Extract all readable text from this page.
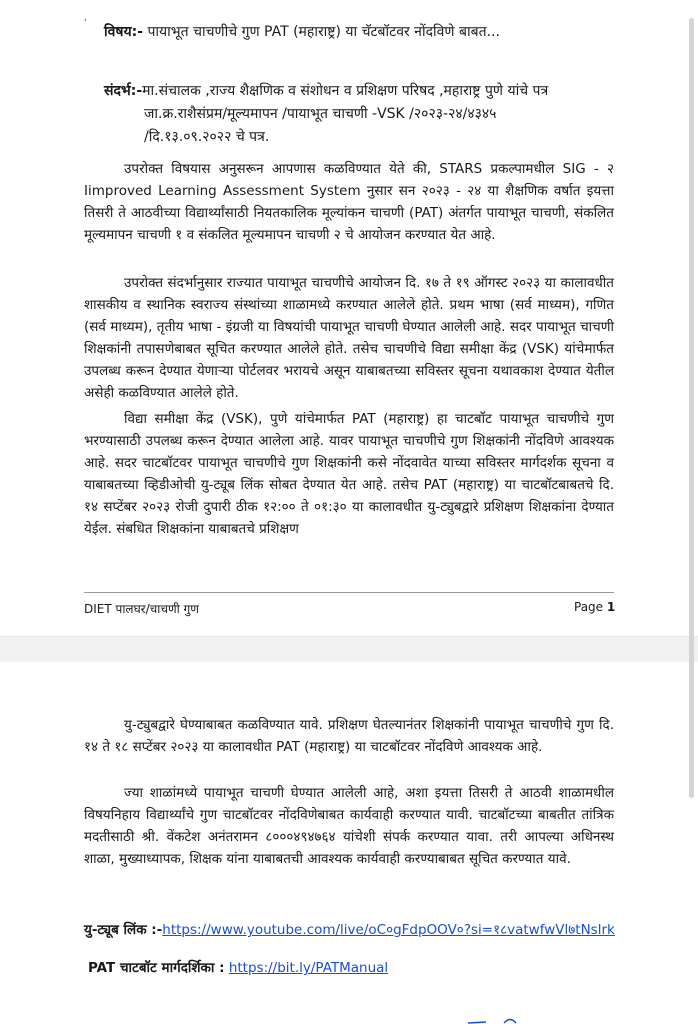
,
विषय:- पायाभूत चाचणीचे गुण PAT (महाराष्ट्र) या चॅटबॉटवर नोंदविणे बाबत...
संदर्भ:-मा.संचालक ,राज्य शैक्षणिक व संशोधन व प्रशिक्षण परिषद ,महाराष्ट्र पुणे यांचे पत्र
जा.क्र.राशैसंप्रम/मूल्यमापन /पायाभूत चाचणी -VSK /२०२३-२४/४३४५
/दि.१३.०९.२०२२ चे पत्र.
उपरोक्त विषयास अनुसरून आपणास कळविण्यात येते की, STARS प्रकल्पामधील SIG - २ Iimproved Learning Assessment System नुसार सन २०२३ - २४ या शैक्षणिक वर्षात इयत्ता तिसरी ते आठवीच्या विद्यार्थ्यांसाठी नियतकालिक मूल्यांकन चाचणी (PAT) अंतर्गत पायाभूत चाचणी, संकलित मूल्यमापन चाचणी १ व संकलित मूल्यमापन चाचणी २ चे आयोजन करण्यात येत आहे.
उपरोक्त संदर्भानुसार राज्यात पायाभूत चाचणीचे आयोजन दि. १७ ते १९ ऑगस्ट २०२३ या कालावधीत शासकीय व स्थानिक स्वराज्य संस्थांच्या शाळामध्ये करण्यात आलेले होते. प्रथम भाषा (सर्व माध्यम), गणित (सर्व माध्यम), तृतीय भाषा - इंग्रजी या विषयांची पायाभूत चाचणी घेण्यात आलेली आहे. सदर पायाभूत चाचणी शिक्षकांनी तपासणेबाबत सूचित करण्यात आलेले होते. तसेच चाचणीचे विद्या समीक्षा केंद्र (VSK) यांचेमार्फत उपलब्ध करून देण्यात येणाऱ्या पोर्टलवर भरायचे असून याबाबतच्या सविस्तर सूचना यथावकाश देण्यात येतील असेही कळविण्यात आलेले होते.
विद्या समीक्षा केंद्र (VSK), पुणे यांचेमार्फत PAT (महाराष्ट्र) हा चाटबॉट पायाभूत चाचणीचे गुण भरण्यासाठी उपलब्ध करून देण्यात आलेला आहे. यावर पायाभूत चाचणीचे गुण शिक्षकांनी नोंदविणे आवश्यक आहे. सदर चाटबॉटवर पायाभूत चाचणीचे गुण शिक्षकांनी कसे नोंदवावेत याच्या सविस्तर मार्गदर्शक सूचना व याबाबतच्या व्हिडीओची यु-ट्यूब लिंक सोबत देण्यात येत आहे. तसेच PAT (महाराष्ट्र) या चाटबॉटबाबतचे दि. १४ सप्टेंबर २०२३ रोजी दुपारी ठीक १२:०० ते ०१:३० या कालावधीत यु-ट्युबद्वारे प्रशिक्षण शिक्षकांना देण्यात येईल. संबधित शिक्षकांना याबाबतचे प्रशिक्षण
DIET पालघर/चाचणी गुण	Page 1
यु-ट्युबद्वारे घेण्याबाबत कळविण्यात यावे. प्रशिक्षण घेतल्यानंतर शिक्षकांनी पायाभूत चाचणीचे गुण दि. १४ ते १८ सप्टेंबर २०२३ या कालावधीत PAT (महाराष्ट्र) या चाटबॉटवर नोंदविणे आवश्यक आहे.
ज्या शाळांमध्ये पायाभूत चाचणी घेण्यात आलेली आहे, अशा इयत्ता तिसरी ते आठवी शाळामधील विषयनिहाय विद्यार्थ्यांचे गुण चाटबॉटवर नोंदविणेबाबत कार्यवाही करण्यात यावी. चाटबॉटच्या बाबतीत तांत्रिक मदतीसाठी श्री. वेंकटेश अनंतरामन ८०००४९४७६४ यांचेशी संपर्क करण्यात यावा. तरी आपल्या अधिनस्थ शाळा, मुख्याध्यापक, शिक्षक यांना याबाबतची आवश्यक कार्यवाही करण्याबाबत सूचित करण्यात यावे.
यु-ट्यूब लिंक :-https://www.youtube.com/live/oC०gFdpOOV०?si=१८vatwfwVl७tNslrk
PAT चाटबॉट मार्गदर्शिका : https://bit.ly/PATManual
